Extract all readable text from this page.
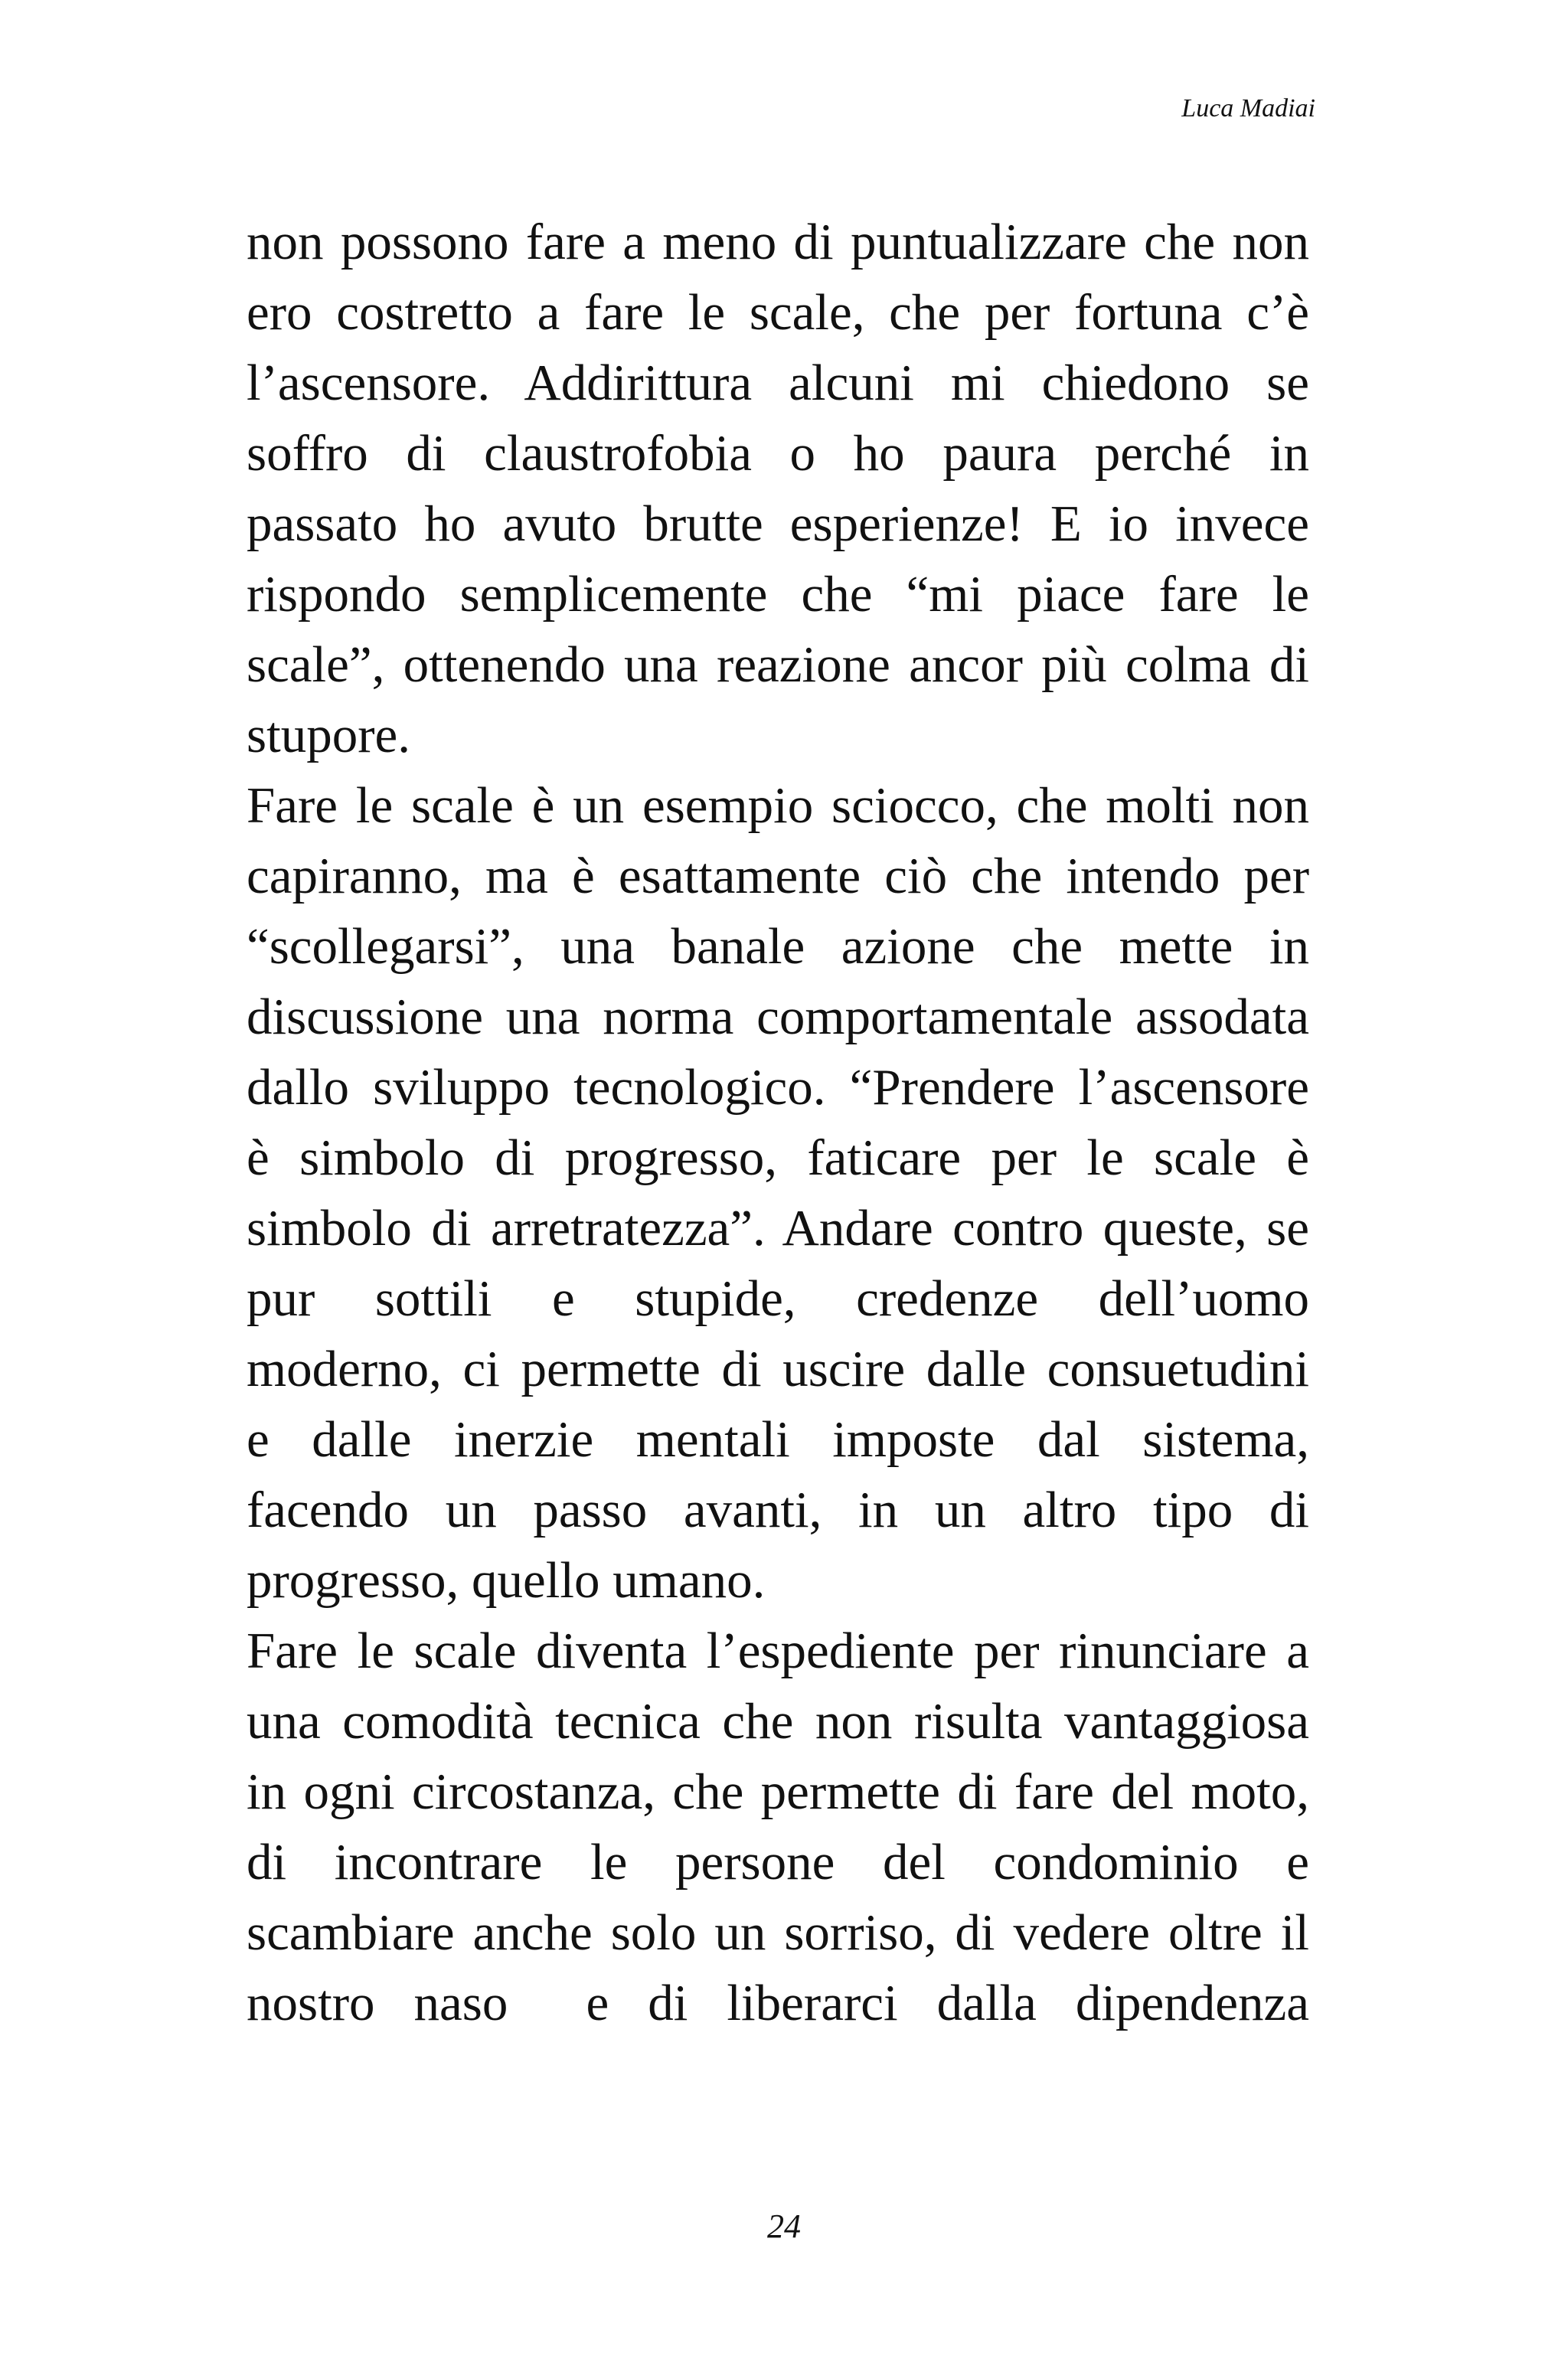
Luca Madiai
non possono fare a meno di puntualizzare che non
ero costretto a fare le scale, che per fortuna c’è
l’ascensore. Addirittura alcuni mi chiedono se
soffro di claustrofobia o ho paura perché in
passato ho avuto brutte esperienze! E io invece
rispondo semplicemente che “mi piace fare le
scale”, ottenendo una reazione ancor più colma di
stupore.
Fare le scale è un esempio sciocco, che molti non
capiranno, ma è esattamente ciò che intendo per
“scollegarsi”, una banale azione che mette in
discussione una norma comportamentale assodata
dallo sviluppo tecnologico. “Prendere l’ascensore
è simbolo di progresso, faticare per le scale è
simbolo di arretratezza”. Andare contro queste, se
pur sottili e stupide, credenze dell’uomo
moderno, ci permette di uscire dalle consuetudini
e dalle inerzie mentali imposte dal sistema,
facendo un passo avanti, in un altro tipo di
progresso, quello umano.
Fare le scale diventa l’espediente per rinunciare a
una comodità tecnica che non risulta vantaggiosa
in ogni circostanza, che permette di fare del moto,
di incontrare le persone del condominio e
scambiare anche solo un sorriso, di vedere oltre il
nostro naso  e di liberarci dalla dipendenza
24
